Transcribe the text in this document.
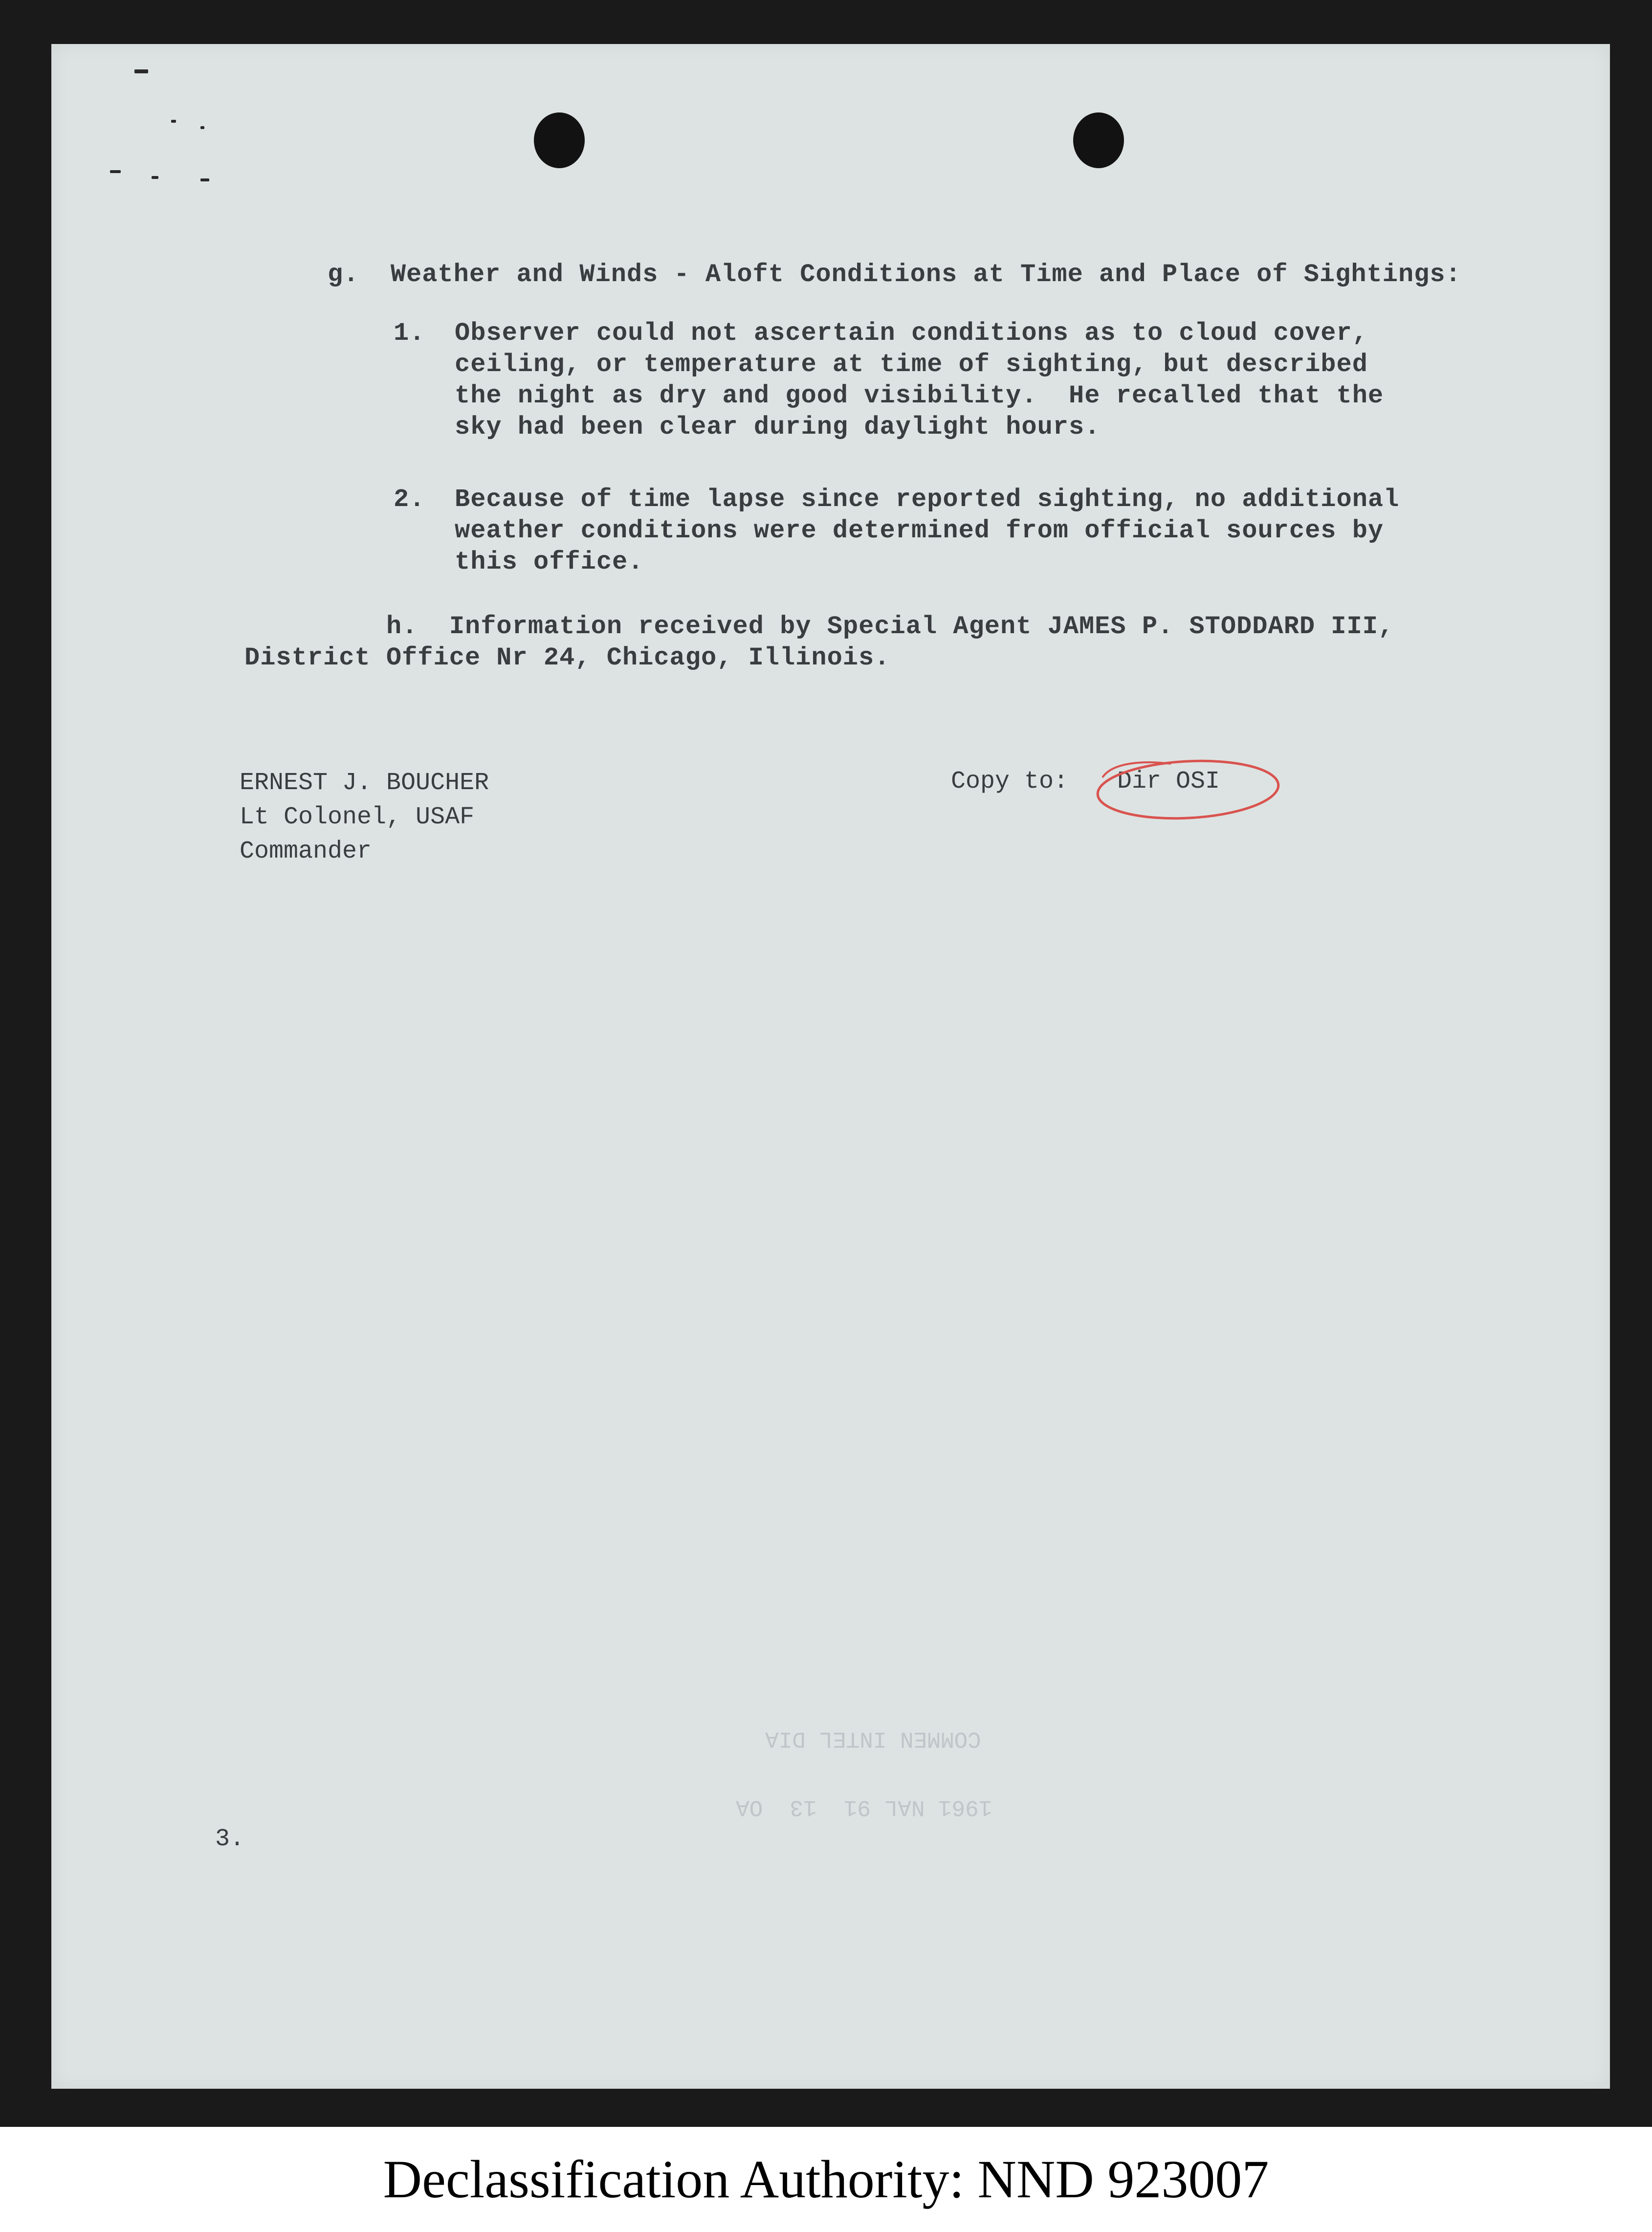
g.  Weather and Winds - Aloft Conditions at Time and Place of Sightings:
1. Observer could not ascertain conditions as to cloud cover,
ceiling, or temperature at time of sighting, but described
the night as dry and good visibility.  He recalled that the
sky had been clear during daylight hours.
2. Because of time lapse since reported sighting, no additional
weather conditions were determined from official sources by
this office.
h.  Information received by Special Agent JAMES P. STODDARD III,
District Office Nr 24, Chicago, Illinois.
ERNEST J. BOUCHER
Lt Colonel, USAF
Commander
Copy to: Dir OSI
COMMEN INTEL DIA
1961 NAL 91  13  OA
3.
Declassification Authority: NND 923007
